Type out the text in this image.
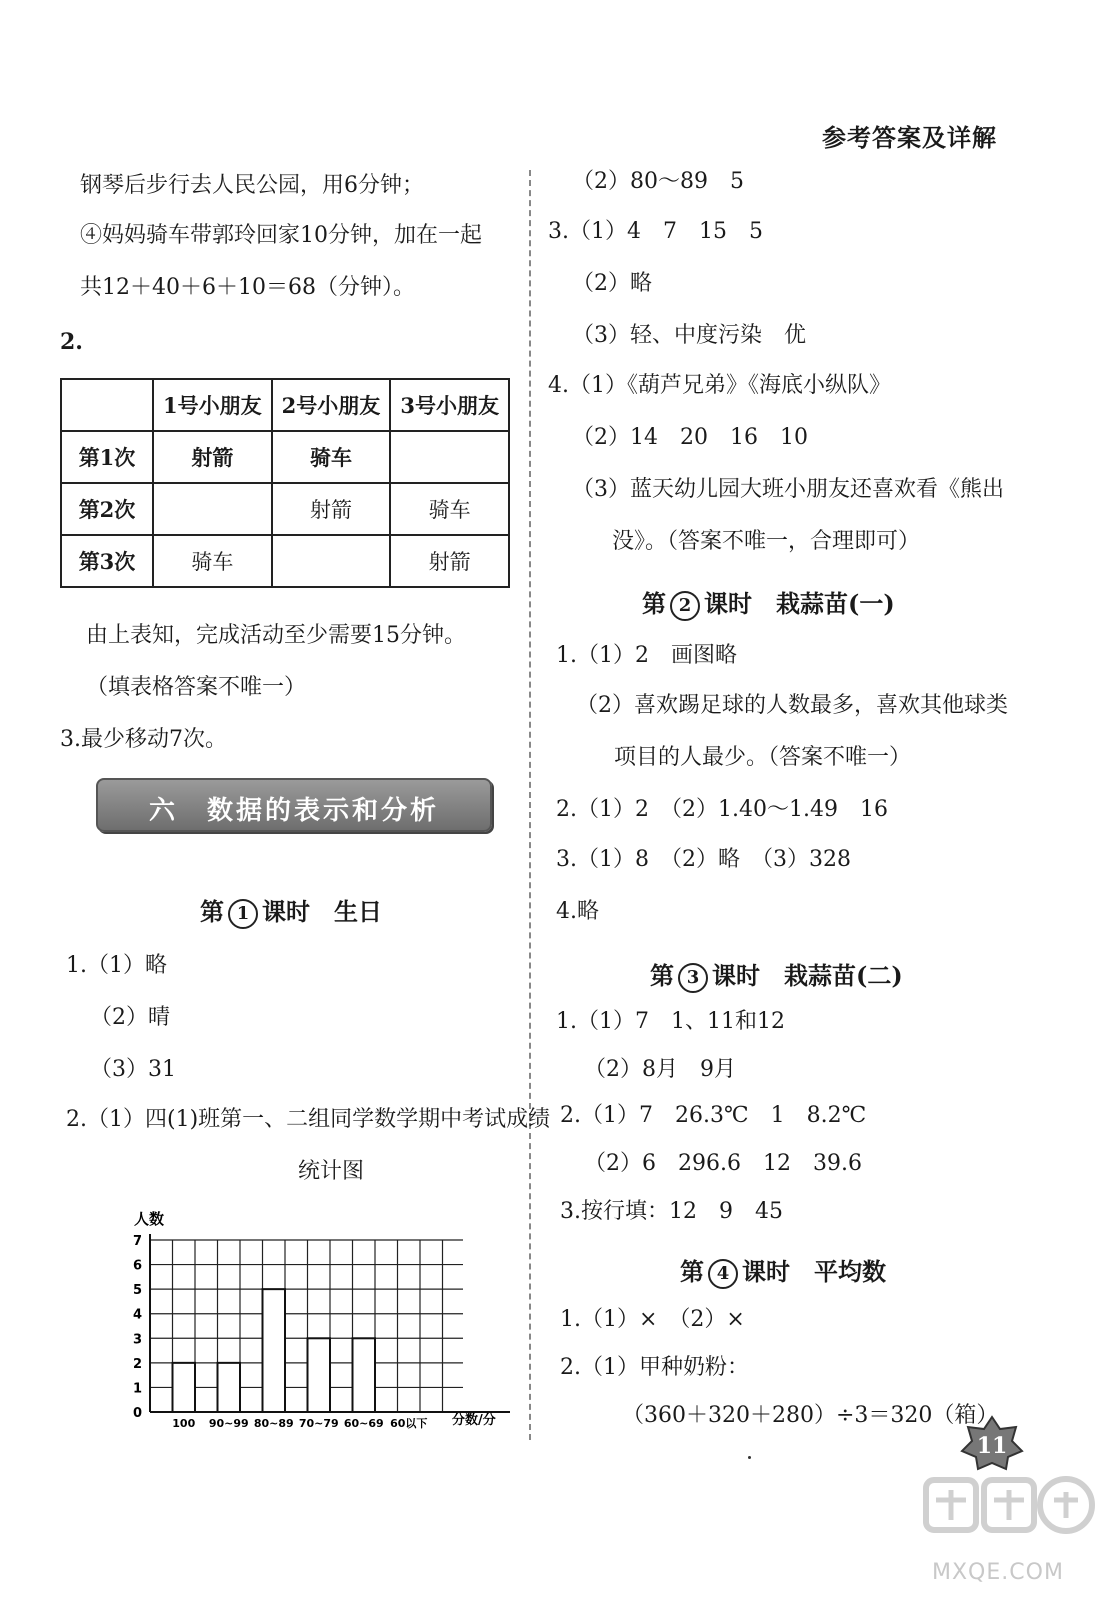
参考答案及详解
钢琴后步行去人民公园，用6分钟；
④妈妈骑车带郭玲回家10分钟，加在一起
共12＋40＋6＋10＝68（分钟）。
2.
	1号小朋友	2号小朋友	3号小朋友
第1次	射箭	骑车	
第2次		射箭	骑车
第3次	骑车		射箭
由上表知，完成活动至少需要15分钟。
（填表格答案不唯一）
3.最少移动7次。
六　数据的表示和分析
第 1 课时 生日
1.（1）略
（2）晴
（3）31
2.（1）四(1)班第一、二组同学数学期中考试成绩
统计图
人数
0
1
2
3
4
5
6
7
100 90~99 80~89 70~79 60~69 60以下 分数/分
（2）80～89　5
3.（1）4　7　15　5
（2）略
（3）轻、中度污染　优
4.（1）《葫芦兄弟》《海底小纵队》
（2）14　20　16　10
（3）蓝天幼儿园大班小朋友还喜欢看《熊出
没》。（答案不唯一，合理即可）
第 2 课时 栽蒜苗(一)
1.（1）2　画图略
（2）喜欢踢足球的人数最多，喜欢其他球类
项目的人最少。（答案不唯一）
2.（1）2　（2）1.40～1.49　16
3.（1）8　（2）略　（3）328
4.略
第 3 课时 栽蒜苗(二)
1.（1）7　1、11和12
（2）8月　9月
2.（1）7　26.3℃　1　8.2℃
（2）6　296.6　12　39.6
3.按行填：12　9　45
第 4 课时 平均数
1.（1）×　（2）×
2.（1）甲种奶粉：
（360＋320＋280）÷3＝320（箱）
11
MXQE.COM
